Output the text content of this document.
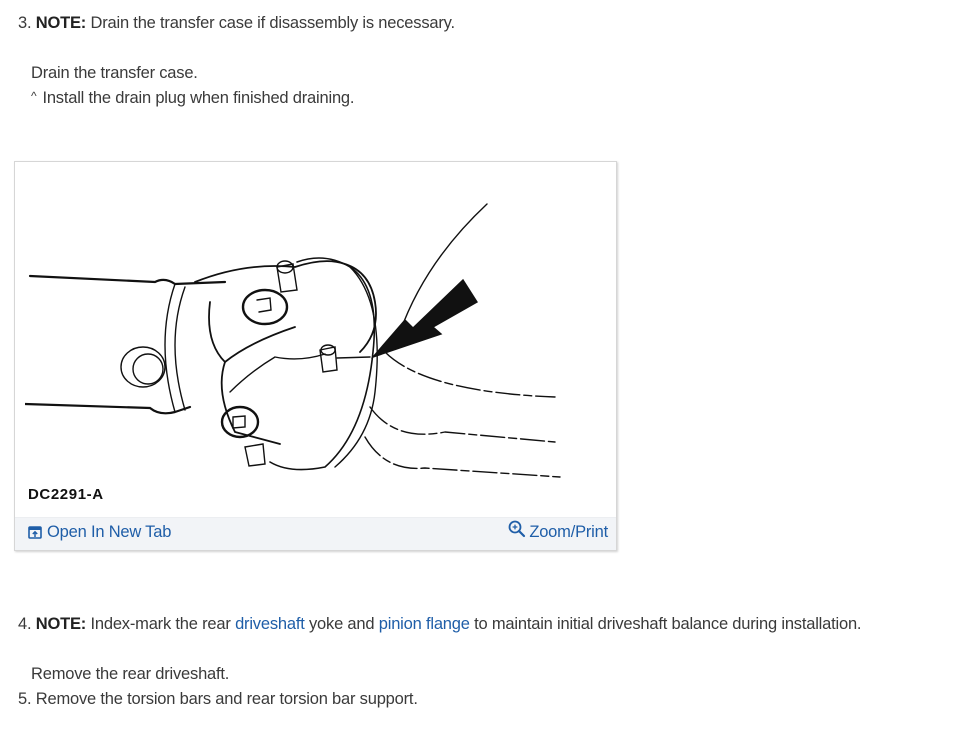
3. NOTE: Drain the transfer case if disassembly is necessary.
Drain the transfer case.
^ Install the drain plug when finished draining.
DC2291-A
Open In New Tab	Zoom/Print
4. NOTE: Index-mark the rear driveshaft yoke and pinion flange to maintain initial driveshaft balance during installation.
Remove the rear driveshaft.
5. Remove the torsion bars and rear torsion bar support.
